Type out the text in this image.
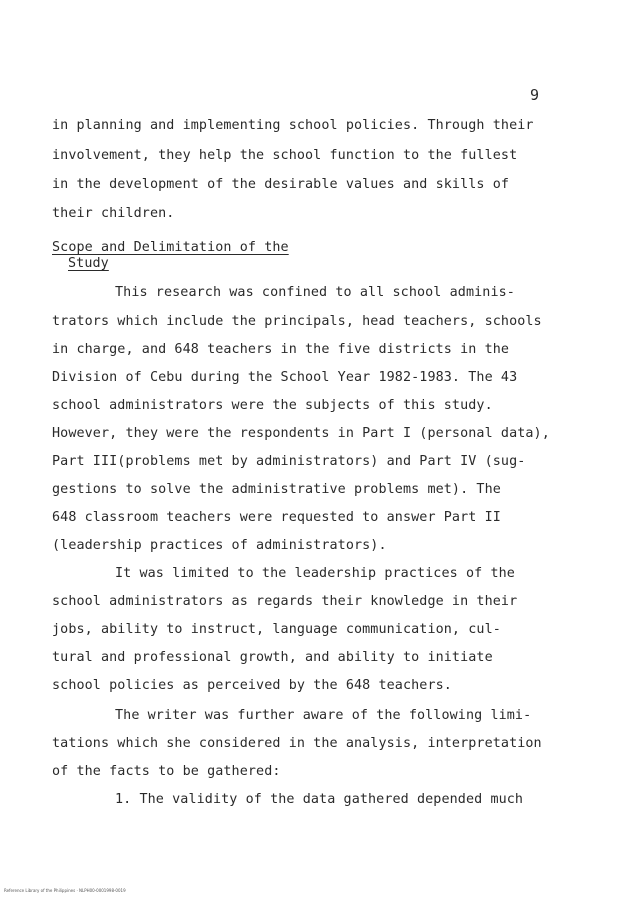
9
in planning and implementing school policies. Through their
involvement, they help the school function to the fullest
in the development of the desirable values and skills of
their children.
Scope and Delimitation of the
Study
This research was confined to all school adminis-
trators which include the principals, head teachers, schools
in charge, and 648 teachers in the five districts in the
Division of Cebu during the School Year 1982-1983. The 43
school administrators were the subjects of this study.
However, they were the respondents in Part I (personal data),
Part III(problems met by administrators) and Part IV (sug-
gestions to solve the administrative problems met). The
648 classroom teachers were requested to answer Part II
(leadership practices of administrators).
It was limited to the leadership practices of the
school administrators as regards their knowledge in their
jobs, ability to instruct, language communication, cul-
tural and professional growth, and ability to initiate
school policies as perceived by the 648 teachers.
The writer was further aware of the following limi-
tations which she considered in the analysis, interpretation
of the facts to be gathered:
1. The validity of the data gathered depended much
Reference Library of the Philippines · NLPH00-0001998-0019
